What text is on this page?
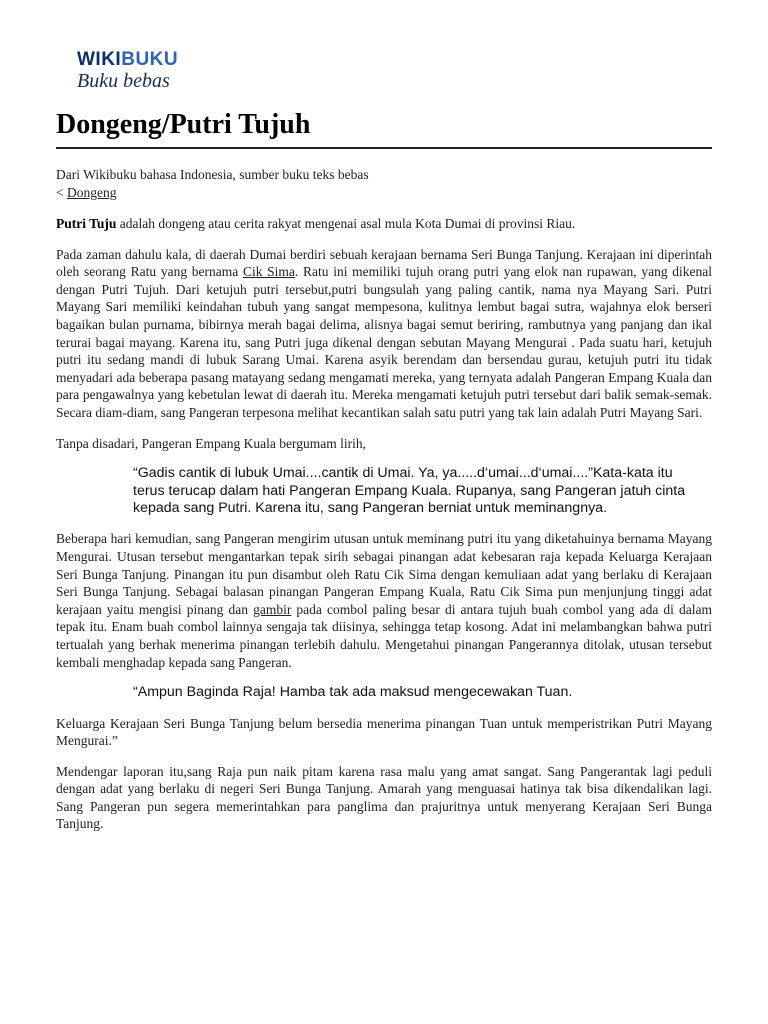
WIKIBUKU
Buku bebas
Dongeng/Putri Tujuh
Dari Wikibuku bahasa Indonesia, sumber buku teks bebas
< Dongeng

Putri Tuju adalah dongeng atau cerita rakyat mengenai asal mula Kota Dumai di provinsi Riau.

Pada zaman dahulu kala, di daerah Dumai berdiri sebuah kerajaan bernama Seri Bunga Tanjung. Kerajaan ini diperintah oleh seorang Ratu yang bernama Cik Sima. Ratu ini memiliki tujuh orang putri yang elok nan rupawan, yang dikenal dengan Putri Tujuh. Dari ketujuh putri tersebut,putri bungsulah yang paling cantik, nama nya Mayang Sari. Putri Mayang Sari memiliki keindahan tubuh yang sangat mempesona, kulitnya lembut bagai sutra, wajahnya elok berseri bagaikan bulan purnama, bibirnya merah bagai delima, alisnya bagai semut beriring, rambutnya yang panjang dan ikal terurai bagai mayang. Karena itu, sang Putri juga dikenal dengan sebutan Mayang Mengurai . Pada suatu hari, ketujuh putri itu sedang mandi di lubuk Sarang Umai. Karena asyik berendam dan bersendau gurau, ketujuh putri itu tidak menyadari ada beberapa pasang matayang sedang mengamati mereka, yang ternyata adalah Pangeran Empang Kuala dan para pengawalnya yang kebetulan lewat di daerah itu. Mereka mengamati ketujuh putri tersebut dari balik semak-semak. Secara diam-diam, sang Pangeran terpesona melihat kecantikan salah satu putri yang tak lain adalah Putri Mayang Sari.

Tanpa disadari, Pangeran Empang Kuala bergumam lirih,

“Gadis cantik di lubuk Umai....cantik di Umai. Ya, ya.....d‘umai...d‘umai....”Kata-kata itu terus terucap dalam hati Pangeran Empang Kuala. Rupanya, sang Pangeran jatuh cinta kepada sang Putri. Karena itu, sang Pangeran berniat untuk meminangnya.

Beberapa hari kemudian, sang Pangeran mengirim utusan untuk meminang putri itu yang diketahuinya bernama Mayang Mengurai. Utusan tersebut mengantarkan tepak sirih sebagai pinangan adat kebesaran raja kepada Keluarga Kerajaan Seri Bunga Tanjung. Pinangan itu pun disambut oleh Ratu Cik Sima dengan kemuliaan adat yang berlaku di Kerajaan Seri Bunga Tanjung. Sebagai balasan pinangan Pangeran Empang Kuala, Ratu Cik Sima pun menjunjung tinggi adat kerajaan yaitu mengisi pinang dan gambir pada combol paling besar di antara tujuh buah combol yang ada di dalam tepak itu. Enam buah combol lainnya sengaja tak diisinya, sehingga tetap kosong. Adat ini melambangkan bahwa putri tertualah yang berhak menerima pinangan terlebih dahulu. Mengetahui pinangan Pangerannya ditolak, utusan tersebut kembali menghadap kepada sang Pangeran.

“Ampun Baginda Raja! Hamba tak ada maksud mengecewakan Tuan.

Keluarga Kerajaan Seri Bunga Tanjung belum bersedia menerima pinangan Tuan untuk memperistrikan Putri Mayang Mengurai.”

Mendengar laporan itu,sang Raja pun naik pitam karena rasa malu yang amat sangat. Sang Pangerantak lagi peduli dengan adat yang berlaku di negeri Seri Bunga Tanjung. Amarah yang menguasai hatinya tak bisa dikendalikan lagi. Sang Pangeran pun segera memerintahkan para panglima dan prajuritnya untuk menyerang Kerajaan Seri Bunga Tanjung.
